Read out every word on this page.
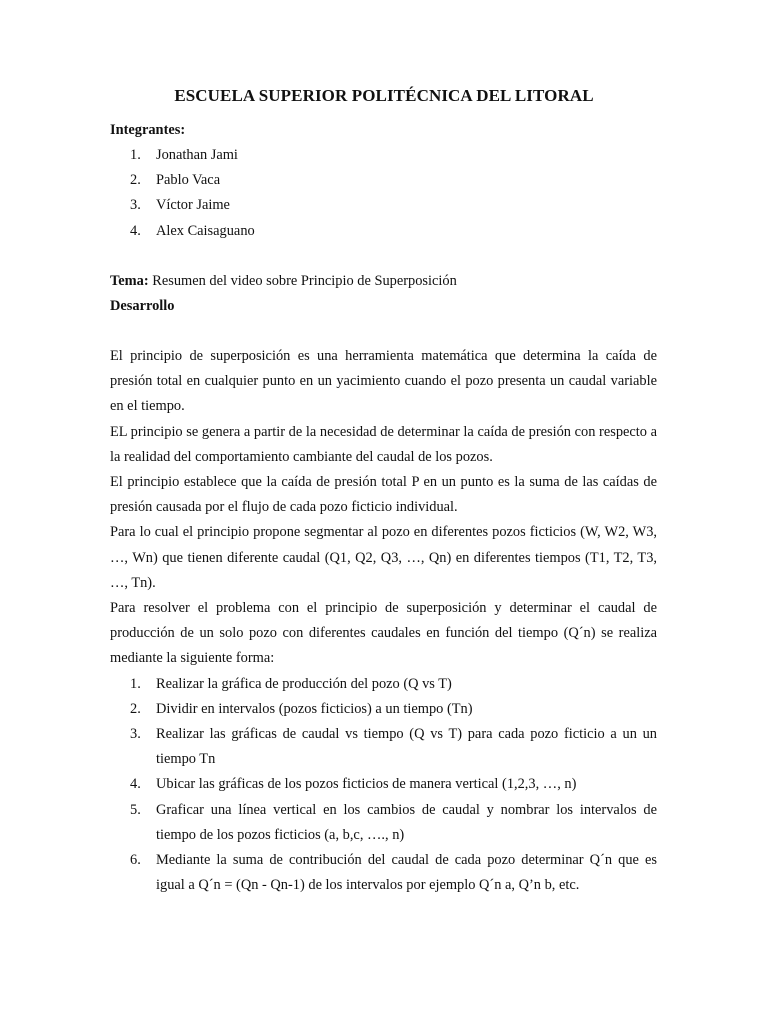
ESCUELA SUPERIOR POLITÉCNICA DEL LITORAL
Integrantes:
1. Jonathan Jami
2. Pablo Vaca
3. Víctor Jaime
4. Alex Caisaguano
Tema: Resumen del video sobre Principio de Superposición
Desarrollo

El principio de superposición es una herramienta matemática que determina la caída de presión total en cualquier punto en un yacimiento cuando el pozo presenta un caudal variable en el tiempo.

EL principio se genera a partir de la necesidad de determinar la caída de presión con respecto a la realidad del comportamiento cambiante del caudal de los pozos.

El principio establece que la caída de presión total P en un punto es la suma de las caídas de presión causada por el flujo de cada pozo ficticio individual.

Para lo cual el principio propone segmentar al pozo en diferentes pozos ficticios (W, W2, W3, …, Wn) que tienen diferente caudal (Q1, Q2, Q3, …, Qn) en diferentes tiempos (T1, T2, T3, …, Tn).

Para resolver el problema con el principio de superposición y determinar el caudal de producción de un solo pozo con diferentes caudales en función del tiempo (Q´n) se realiza mediante la siguiente forma:

1. Realizar la gráfica de producción del pozo (Q vs T)
2. Dividir en intervalos (pozos ficticios) a un tiempo (Tn)
3. Realizar las gráficas de caudal vs tiempo (Q vs T) para cada pozo ficticio a un un tiempo Tn
4. Ubicar las gráficas de los pozos ficticios de manera vertical (1,2,3, …, n)
5. Graficar una línea vertical en los cambios de caudal y nombrar los intervalos de tiempo de los pozos ficticios (a, b,c, …., n)
6. Mediante la suma de contribución del caudal de cada pozo determinar Q´n que es igual a Q´n = (Qn - Qn-1) de los intervalos por ejemplo Q´n a, Q’n b, etc.
